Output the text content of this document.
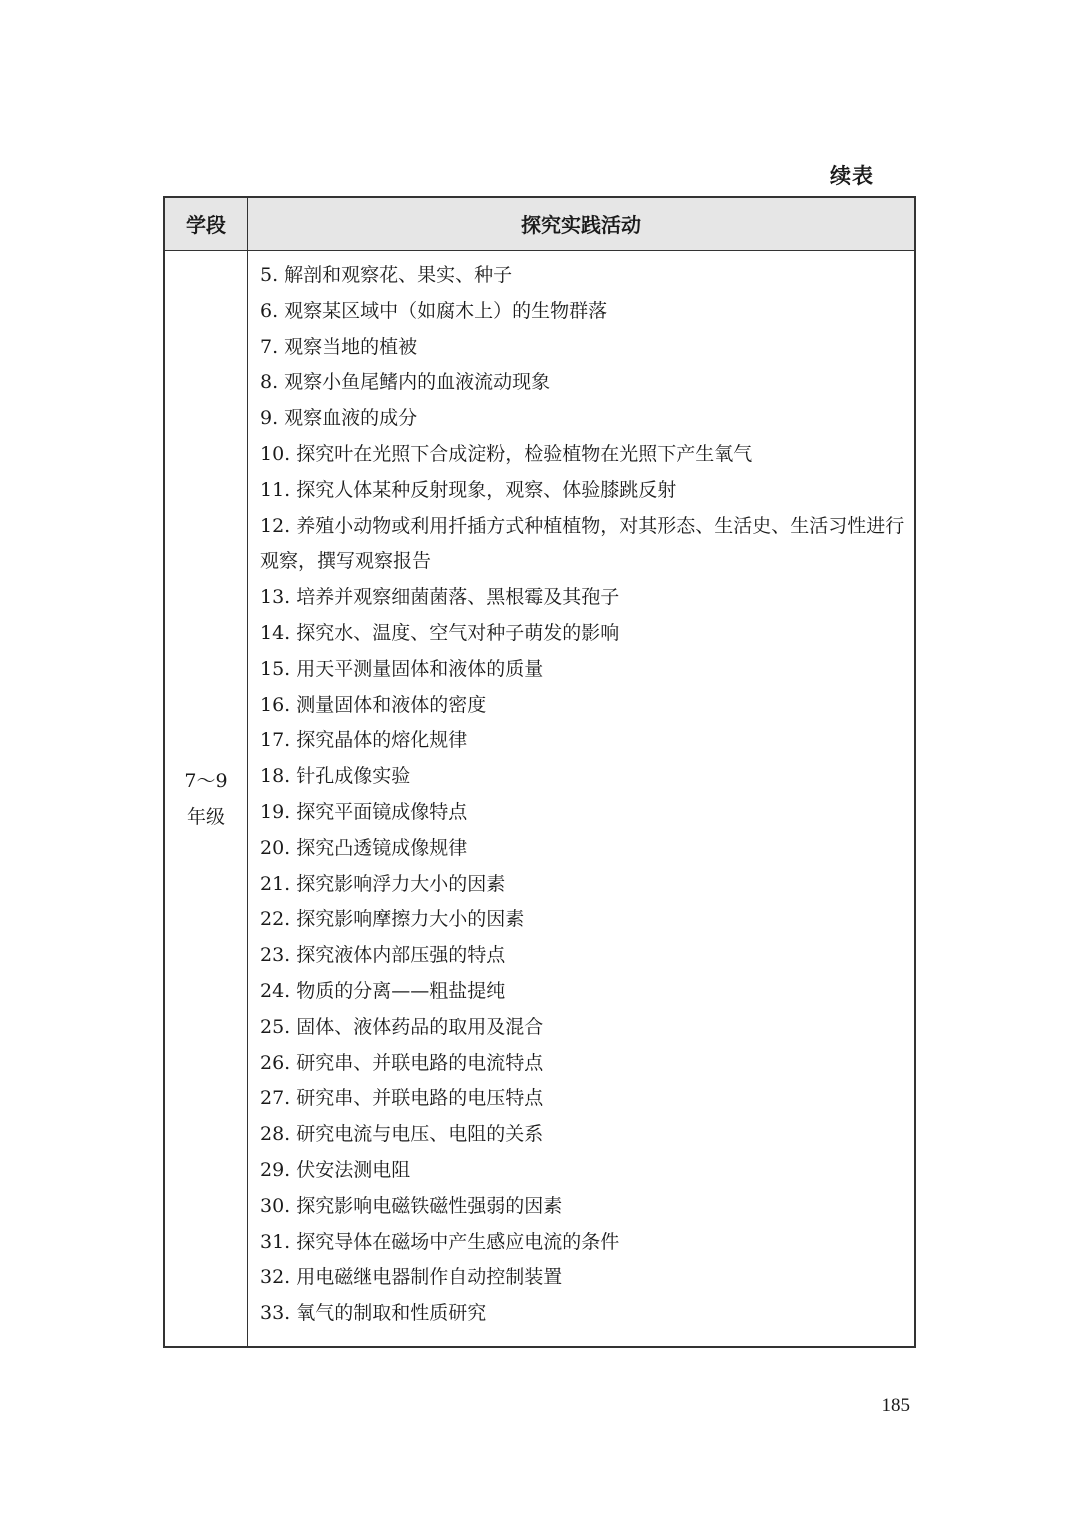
续表
学段	探究实践活动
7～9
年级
5. 解剖和观察花、果实、种子
6. 观察某区域中（如腐木上）的生物群落
7. 观察当地的植被
8. 观察小鱼尾鳍内的血液流动现象
9. 观察血液的成分
10. 探究叶在光照下合成淀粉，检验植物在光照下产生氧气
11. 探究人体某种反射现象，观察、体验膝跳反射
12. 养殖小动物或利用扦插方式种植植物，对其形态、生活史、生活习性进行观察，撰写观察报告
13. 培养并观察细菌菌落、黑根霉及其孢子
14. 探究水、温度、空气对种子萌发的影响
15. 用天平测量固体和液体的质量
16. 测量固体和液体的密度
17. 探究晶体的熔化规律
18. 针孔成像实验
19. 探究平面镜成像特点
20. 探究凸透镜成像规律
21. 探究影响浮力大小的因素
22. 探究影响摩擦力大小的因素
23. 探究液体内部压强的特点
24. 物质的分离——粗盐提纯
25. 固体、液体药品的取用及混合
26. 研究串、并联电路的电流特点
27. 研究串、并联电路的电压特点
28. 研究电流与电压、电阻的关系
29. 伏安法测电阻
30. 探究影响电磁铁磁性强弱的因素
31. 探究导体在磁场中产生感应电流的条件
32. 用电磁继电器制作自动控制装置
33. 氧气的制取和性质研究
185
